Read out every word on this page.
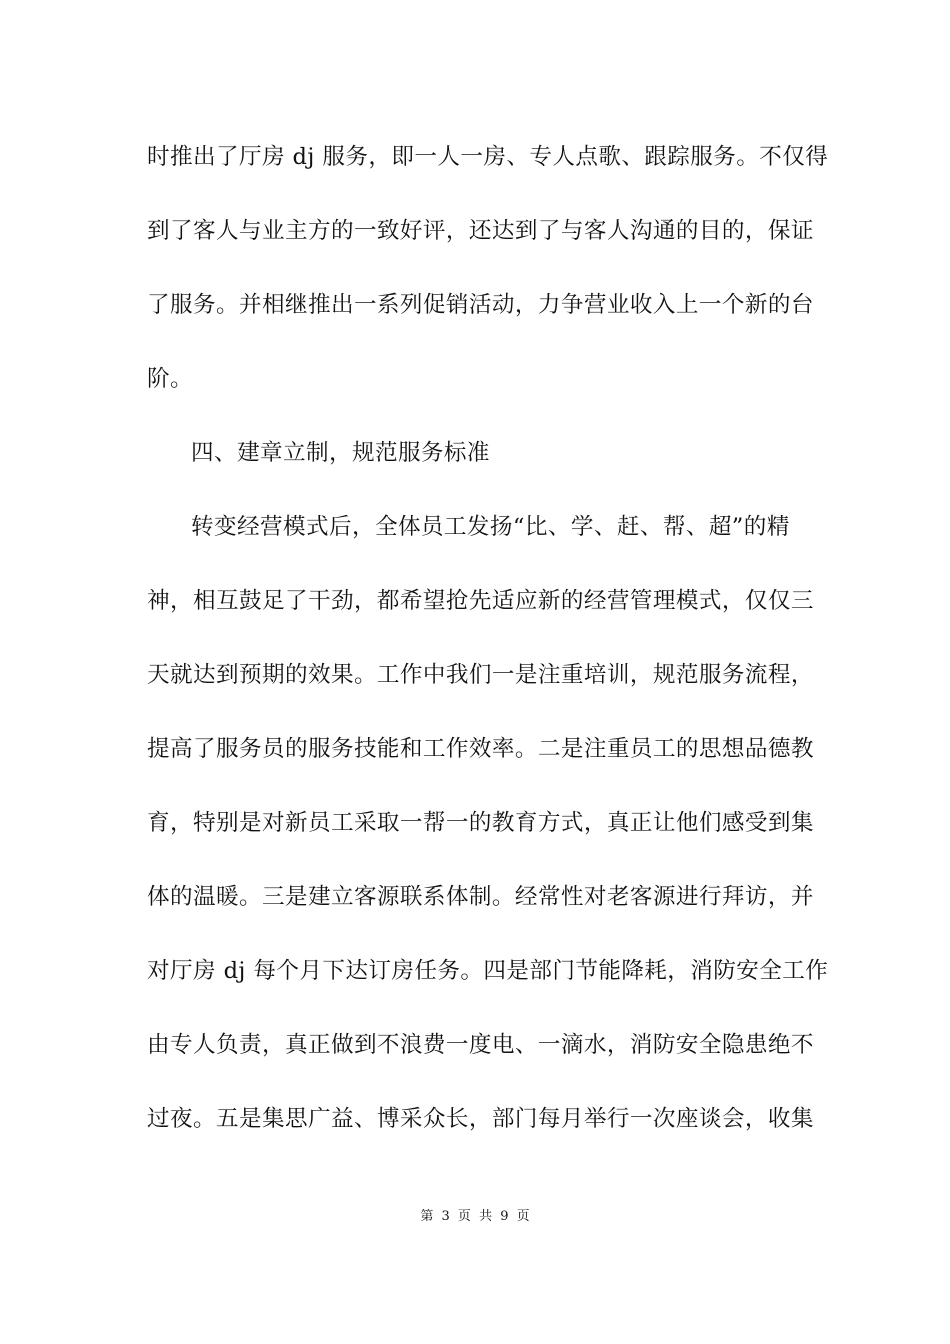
时推出了厅房 dj 服务，即一人一房、专人点歌、跟踪服务。不仅得
到了客人与业主方的一致好评，还达到了与客人沟通的目的，保证
了服务。并相继推出一系列促销活动，力争营业收入上一个新的台
阶。
四、建章立制，规范服务标准
转变经营模式后，全体员工发扬“比、学、赶、帮、超”的精
神，相互鼓足了干劲，都希望抢先适应新的经营管理模式，仅仅三
天就达到预期的效果。工作中我们一是注重培训，规范服务流程，
提高了服务员的服务技能和工作效率。二是注重员工的思想品德教
育，特别是对新员工采取一帮一的教育方式，真正让他们感受到集
体的温暖。三是建立客源联系体制。经常性对老客源进行拜访，并
对厅房 dj 每个月下达订房任务。四是部门节能降耗，消防安全工作
由专人负责，真正做到不浪费一度电、一滴水，消防安全隐患绝不
过夜。五是集思广益、博采众长，部门每月举行一次座谈会，收集
第 3 页 共 9 页
